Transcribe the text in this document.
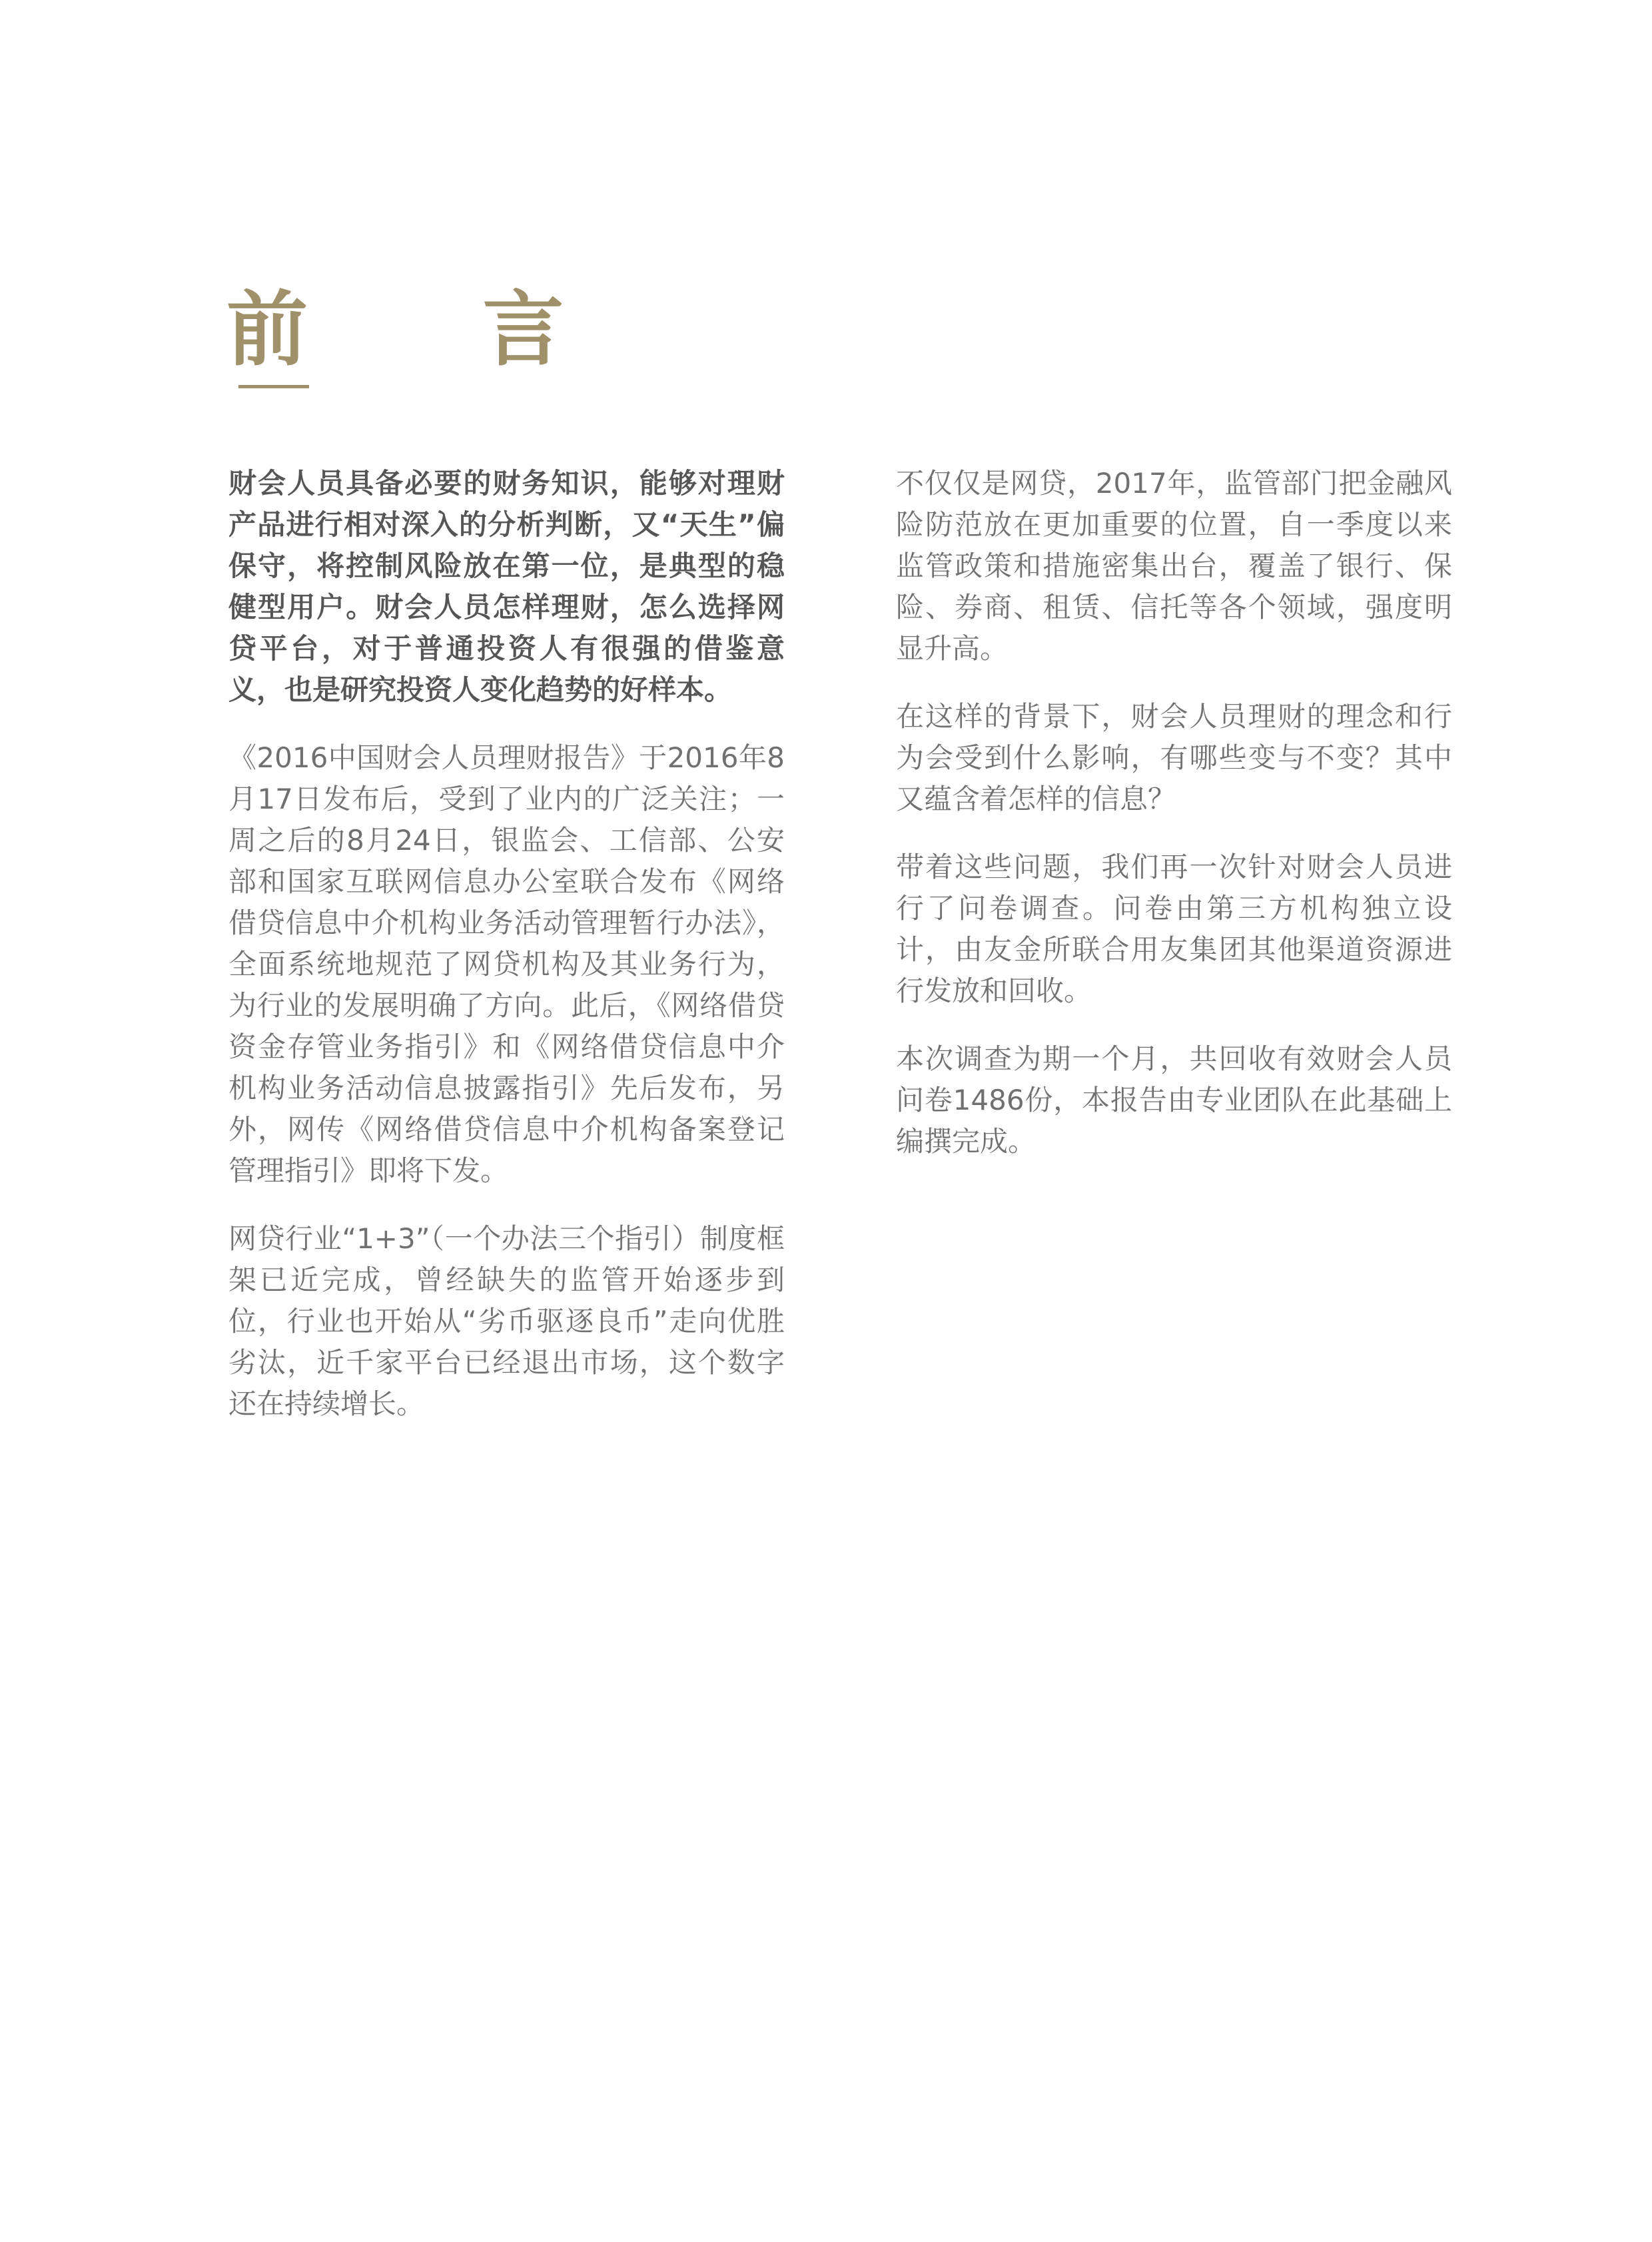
前 言

财会人员具备必要的财务知识，能够对理财产品进行相对深入的分析判断，又“天生”偏保守，将控制风险放在第一位，是典型的稳健型用户。财会人员怎样理财，怎么选择网贷平台，对于普通投资人有很强的借鉴意义，也是研究投资人变化趋势的好样本。

《2016中国财会人员理财报告》于2016年8月17日发布后，受到了业内的广泛关注；一周之后的8月24日，银监会、工信部、公安部和国家互联网信息办公室联合发布《网络借贷信息中介机构业务活动管理暂行办法》，全面系统地规范了网贷机构及其业务行为，为行业的发展明确了方向。此后，《网络借贷资金存管业务指引》和《网络借贷信息中介机构业务活动信息披露指引》先后发布，另外，网传《网络借贷信息中介机构备案登记管理指引》即将下发。

网贷行业“1+3”（一个办法三个指引）制度框架已近完成，曾经缺失的监管开始逐步到位，行业也开始从“劣币驱逐良币”走向优胜劣汰，近千家平台已经退出市场，这个数字还在持续增长。

不仅仅是网贷，2017年，监管部门把金融风险防范放在更加重要的位置，自一季度以来监管政策和措施密集出台，覆盖了银行、保险、券商、租赁、信托等各个领域，强度明显升高。

在这样的背景下，财会人员理财的理念和行为会受到什么影响，有哪些变与不变？其中又蕴含着怎样的信息？

带着这些问题，我们再一次针对财会人员进行了问卷调查。问卷由第三方机构独立设计，由友金所联合用友集团其他渠道资源进行发放和回收。

本次调查为期一个月，共回收有效财会人员问卷1486份，本报告由专业团队在此基础上编撰完成。
